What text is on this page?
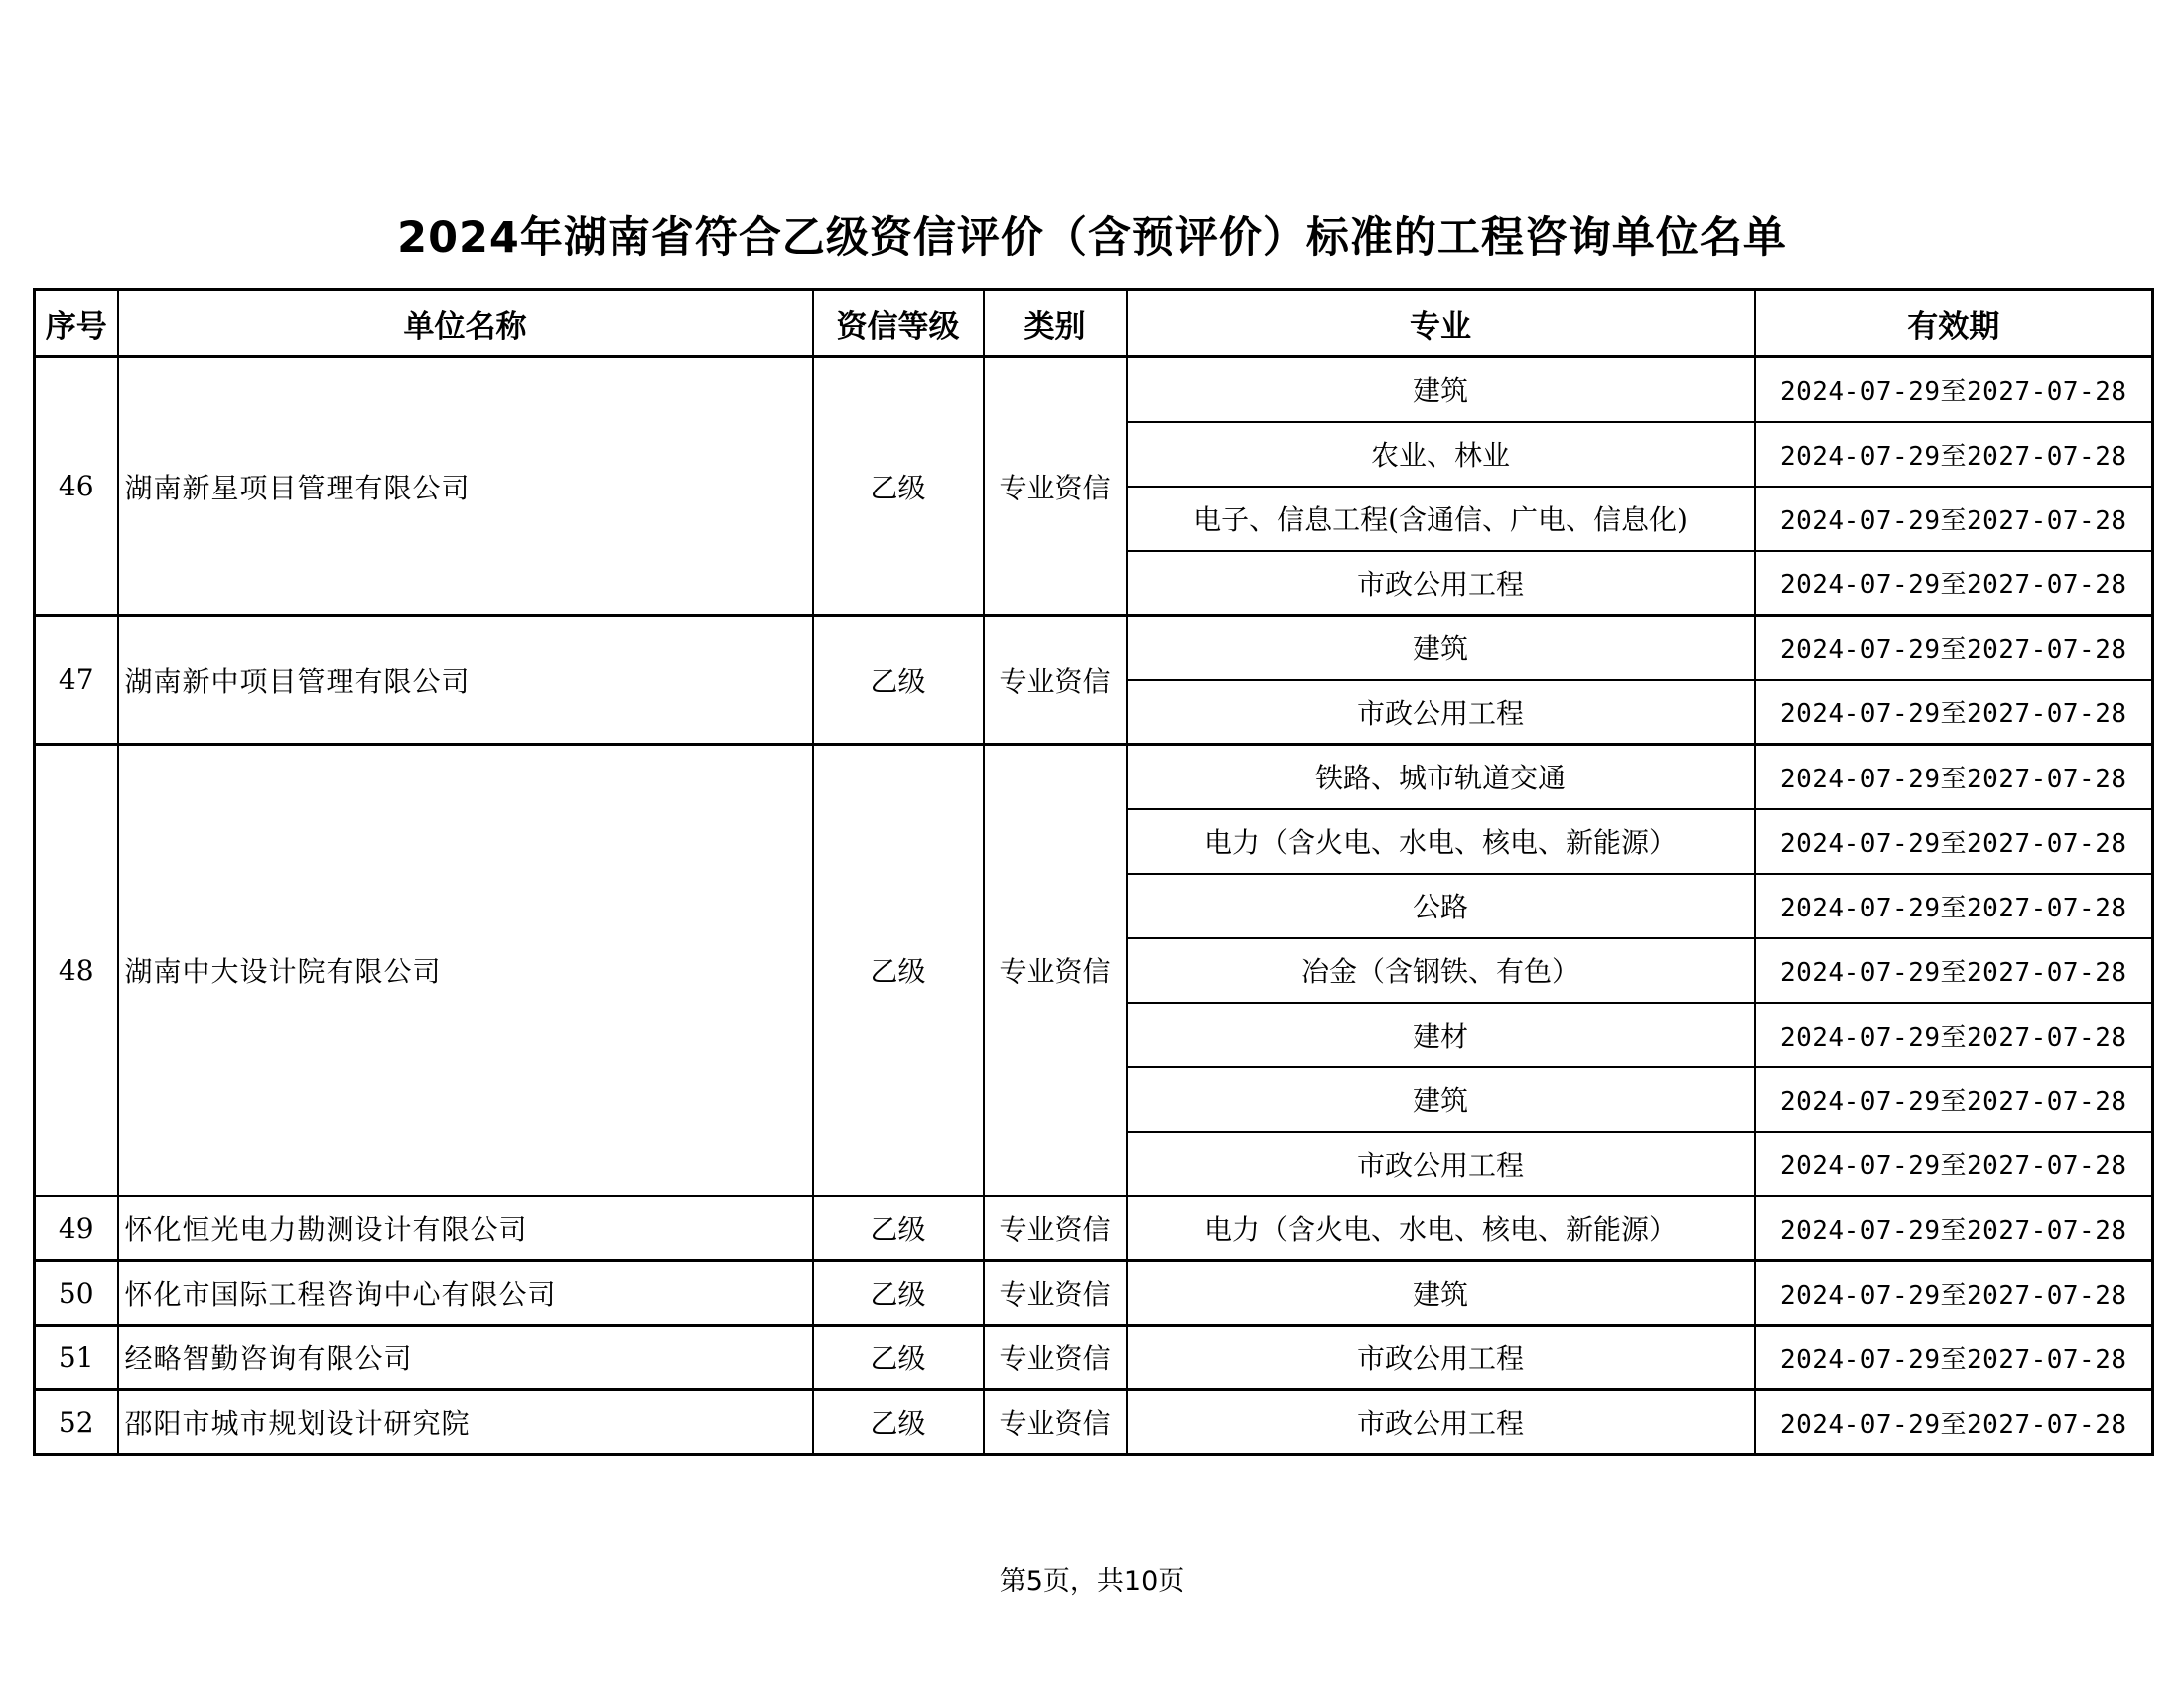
2024年湖南省符合乙级资信评价（含预评价）标准的工程咨询单位名单
序号	单位名称	资信等级	类别	专业	有效期
46	湖南新星项目管理有限公司	乙级	专业资信	建筑	2024-07-29至2027-07-28
				农业、林业	2024-07-29至2027-07-28
				电子、信息工程(含通信、广电、信息化)	2024-07-29至2027-07-28
				市政公用工程	2024-07-29至2027-07-28
47	湖南新中项目管理有限公司	乙级	专业资信	建筑	2024-07-29至2027-07-28
				市政公用工程	2024-07-29至2027-07-28
48	湖南中大设计院有限公司	乙级	专业资信	铁路、城市轨道交通	2024-07-29至2027-07-28
				电力（含火电、水电、核电、新能源）	2024-07-29至2027-07-28
				公路	2024-07-29至2027-07-28
				冶金（含钢铁、有色）	2024-07-29至2027-07-28
				建材	2024-07-29至2027-07-28
				建筑	2024-07-29至2027-07-28
				市政公用工程	2024-07-29至2027-07-28
49	怀化恒光电力勘测设计有限公司	乙级	专业资信	电力（含火电、水电、核电、新能源）	2024-07-29至2027-07-28
50	怀化市国际工程咨询中心有限公司	乙级	专业资信	建筑	2024-07-29至2027-07-28
51	经略智勤咨询有限公司	乙级	专业资信	市政公用工程	2024-07-29至2027-07-28
52	邵阳市城市规划设计研究院	乙级	专业资信	市政公用工程	2024-07-29至2027-07-28
第5页，共10页
